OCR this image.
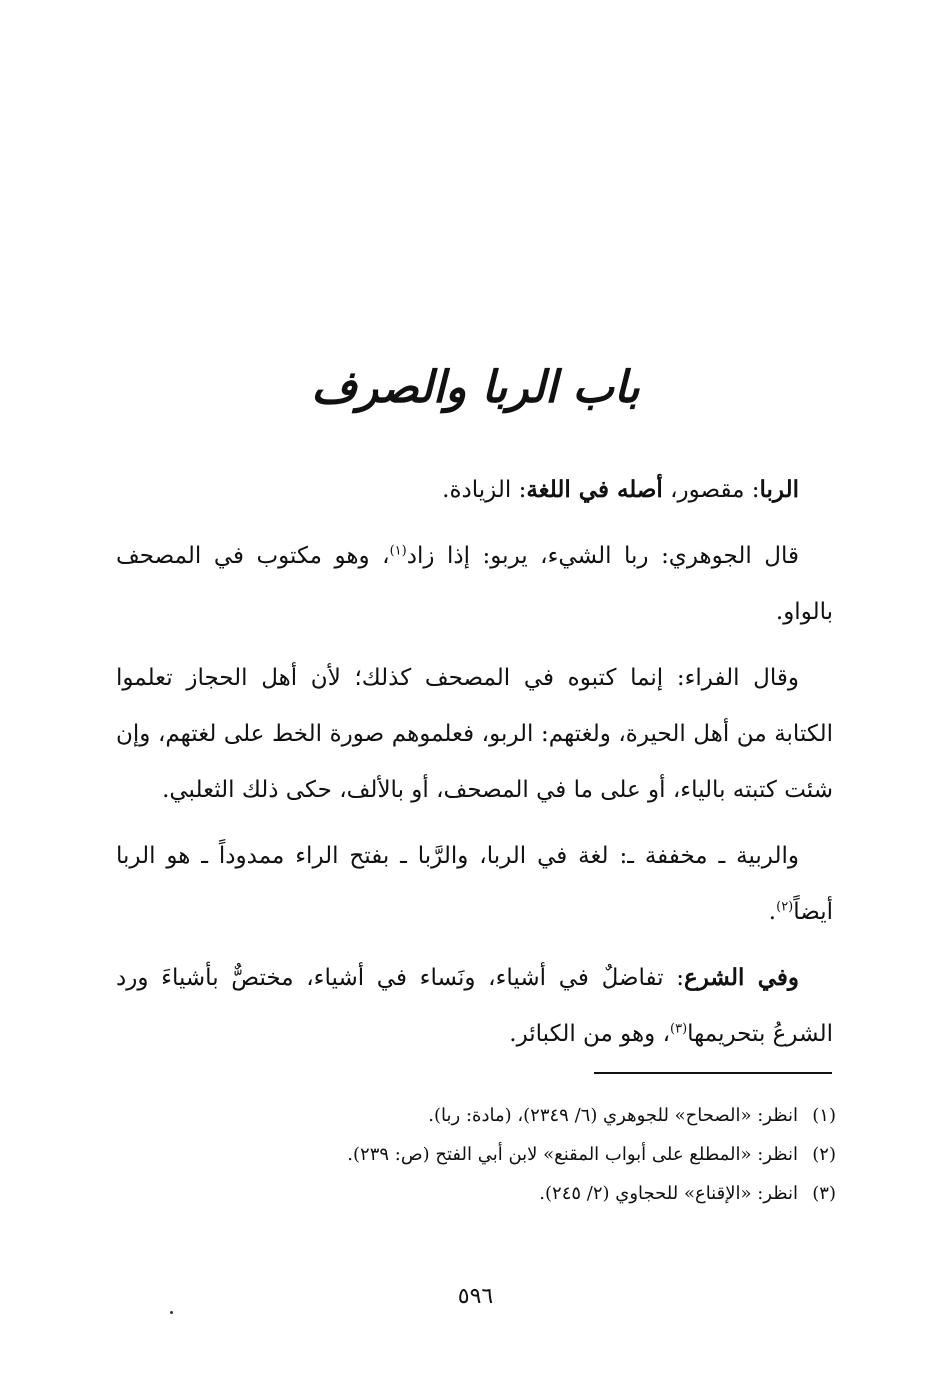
باب الربا والصرف

الربا: مقصور، أصله في اللغة: الزيادة.

قال الجوهري: ربا الشيء، يربو: إذا زاد$^{(١)}$، وهو مكتوب في المصحف بالواو.

وقال الفراء: إنما كتبوه في المصحف كذلك؛ لأن أهل الحجاز تعلموا الكتابة من أهل الحيرة، ولغتهم: الربو، فعلموهم صورة الخط على لغتهم، وإن شئت كتبته بالياء، أو على ما في المصحف، أو بالألف، حكى ذلك الثعلبي.

والربية ـ مخففة ـ: لغة في الربا، والرَّبا ـ بفتح الراء ممدوداً ـ هو الربا أيضاً$^{(٢)}$.

وفي الشرع: تفاضلٌ في أشياء، ونَساء في أشياء، مختصٌّ بأشياءَ ورد الشرعُ بتحريمها$^{(٣)}$، وهو من الكبائر.

(١)انظر: «الصحاح» للجوهري (٦/ ٢٣٤٩)، (مادة: ربا).
(٢)انظر: «المطلع على أبواب المقنع» لابن أبي الفتح (ص: ٢٣٩).
(٣)انظر: «الإقناع» للحجاوي (٢/ ٢٤٥).
٥٩٦
